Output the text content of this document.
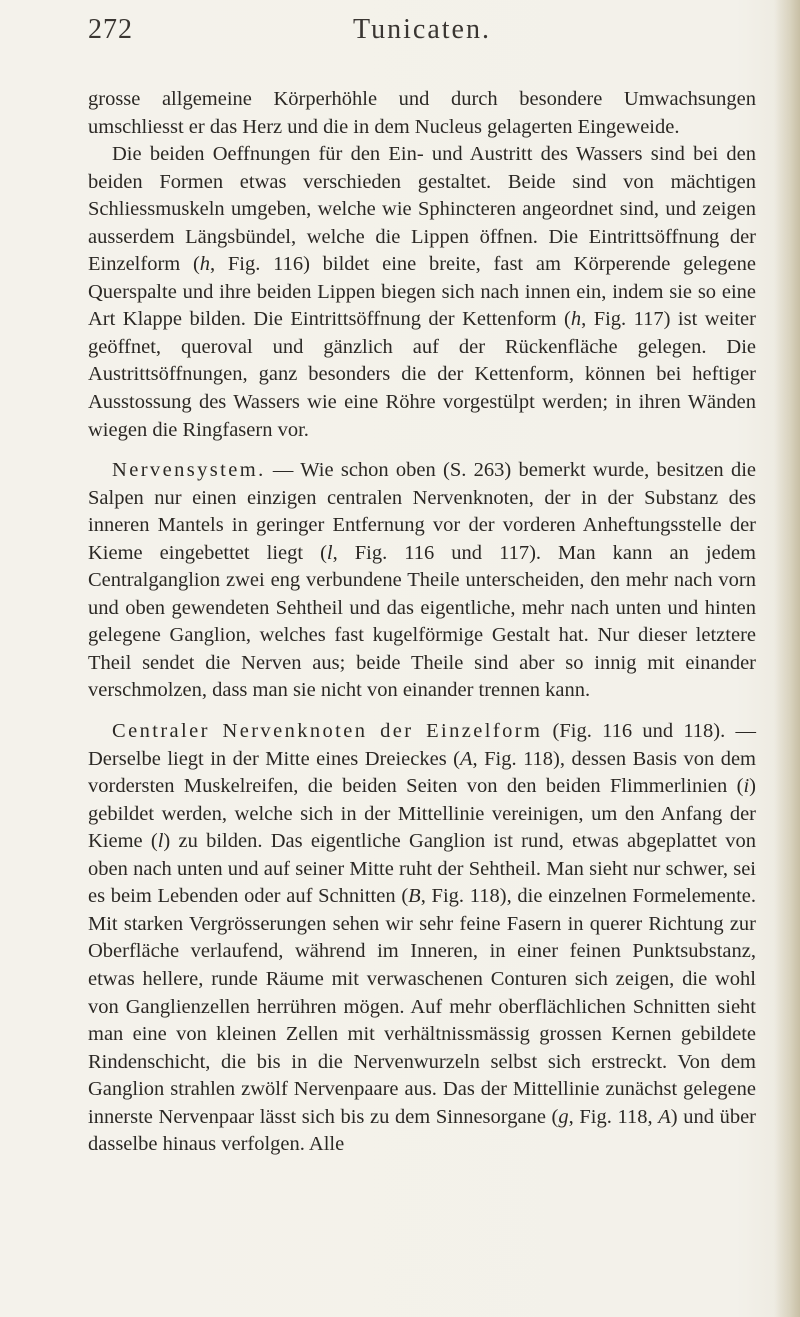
272	Tunicaten.

grosse allgemeine Körperhöhle und durch besondere Umwachsungen umschliesst er das Herz und die in dem Nucleus gelagerten Eingeweide.

Die beiden Oeffnungen für den Ein- und Austritt des Wassers sind bei den beiden Formen etwas verschieden gestaltet. Beide sind von mächtigen Schliessmuskeln umgeben, welche wie Sphincteren angeordnet sind, und zeigen ausserdem Längsbündel, welche die Lippen öffnen. Die Eintrittsöffnung der Einzelform (h, Fig. 116) bildet eine breite, fast am Körperende gelegene Querspalte und ihre beiden Lippen biegen sich nach innen ein, indem sie so eine Art Klappe bilden. Die Eintrittsöffnung der Kettenform (h, Fig. 117) ist weiter geöffnet, queroval und gänzlich auf der Rückenfläche gelegen. Die Austrittsöffnungen, ganz besonders die der Kettenform, können bei heftiger Ausstossung des Wassers wie eine Röhre vorgestülpt werden; in ihren Wänden wiegen die Ringfasern vor.

Nervensystem. — Wie schon oben (S. 263) bemerkt wurde, besitzen die Salpen nur einen einzigen centralen Nervenknoten, der in der Substanz des inneren Mantels in geringer Entfernung vor der vorderen Anheftungsstelle der Kieme eingebettet liegt (l, Fig. 116 und 117). Man kann an jedem Centralganglion zwei eng verbundene Theile unterscheiden, den mehr nach vorn und oben gewendeten Sehtheil und das eigentliche, mehr nach unten und hinten gelegene Ganglion, welches fast kugelförmige Gestalt hat. Nur dieser letztere Theil sendet die Nerven aus; beide Theile sind aber so innig mit einander verschmolzen, dass man sie nicht von einander trennen kann.

Centraler Nervenknoten der Einzelform (Fig. 116 und 118). — Derselbe liegt in der Mitte eines Dreieckes (A, Fig. 118), dessen Basis von dem vordersten Muskelreifen, die beiden Seiten von den beiden Flimmerlinien (i) gebildet werden, welche sich in der Mittellinie vereinigen, um den Anfang der Kieme (l) zu bilden. Das eigentliche Ganglion ist rund, etwas abgeplattet von oben nach unten und auf seiner Mitte ruht der Sehtheil. Man sieht nur schwer, sei es beim Lebenden oder auf Schnitten (B, Fig. 118), die einzelnen Formelemente. Mit starken Vergrösserungen sehen wir sehr feine Fasern in querer Richtung zur Oberfläche verlaufend, während im Inneren, in einer feinen Punktsubstanz, etwas hellere, runde Räume mit verwaschenen Conturen sich zeigen, die wohl von Ganglienzellen herrühren mögen. Auf mehr oberflächlichen Schnitten sieht man eine von kleinen Zellen mit verhältnissmässig grossen Kernen gebildete Rindenschicht, die bis in die Nervenwurzeln selbst sich erstreckt. Von dem Ganglion strahlen zwölf Nervenpaare aus. Das der Mittellinie zunächst gelegene innerste Nervenpaar lässt sich bis zu dem Sinnesorgane (g, Fig. 118, A) und über dasselbe hinaus verfolgen. Alle
